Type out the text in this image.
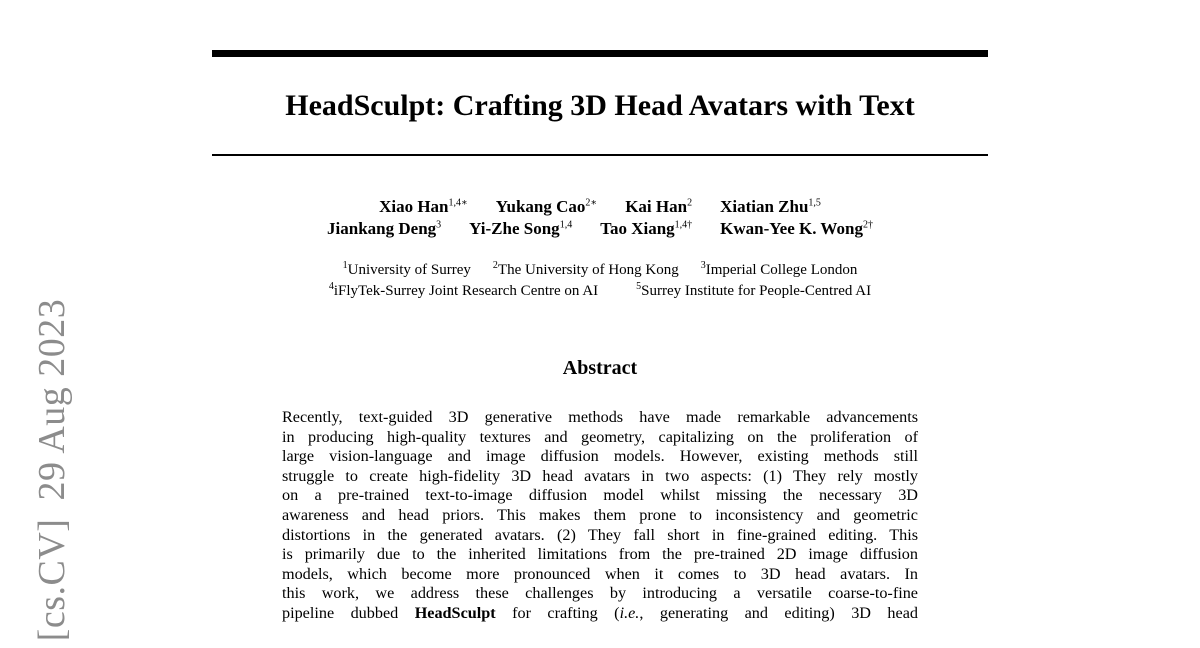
[cs.CV]29 Aug 2023
HeadSculpt: Crafting 3D Head Avatars with Text
Xiao Han$^{1,4∗}$ Yukang Cao$^{2∗}$ Kai Han$^2$ Xiatian Zhu$^{1,5}$
Jiankang Deng$^3$ Yi-Zhe Song$^{1,4}$ Tao Xiang$^{1,4\dagger}$ Kwan-Yee K. Wong$^{2\dagger}$
$^1$University of Surrey $^2$The University of Hong Kong $^3$Imperial College London
$^4$iFlyTek-Surrey Joint Research Centre on AI	$^5$Surrey Institute for People-Centred AI
Abstract
Recently, text-guided 3D generative methods have made remarkable advancements
in producing high-quality textures and geometry, capitalizing on the proliferation of
large vision-language and image diffusion models. However, existing methods still
struggle to create high-fidelity 3D head avatars in two aspects: (1) They rely mostly
on a pre-trained text-to-image diffusion model whilst missing the necessary 3D
awareness and head priors. This makes them prone to inconsistency and geometric
distortions in the generated avatars. (2) They fall short in fine-grained editing. This
is primarily due to the inherited limitations from the pre-trained 2D image diffusion
models, which become more pronounced when it comes to 3D head avatars. In
this work, we address these challenges by introducing a versatile coarse-to-fine
pipeline dubbed HeadSculpt for crafting (i.e., generating and editing) 3D head
